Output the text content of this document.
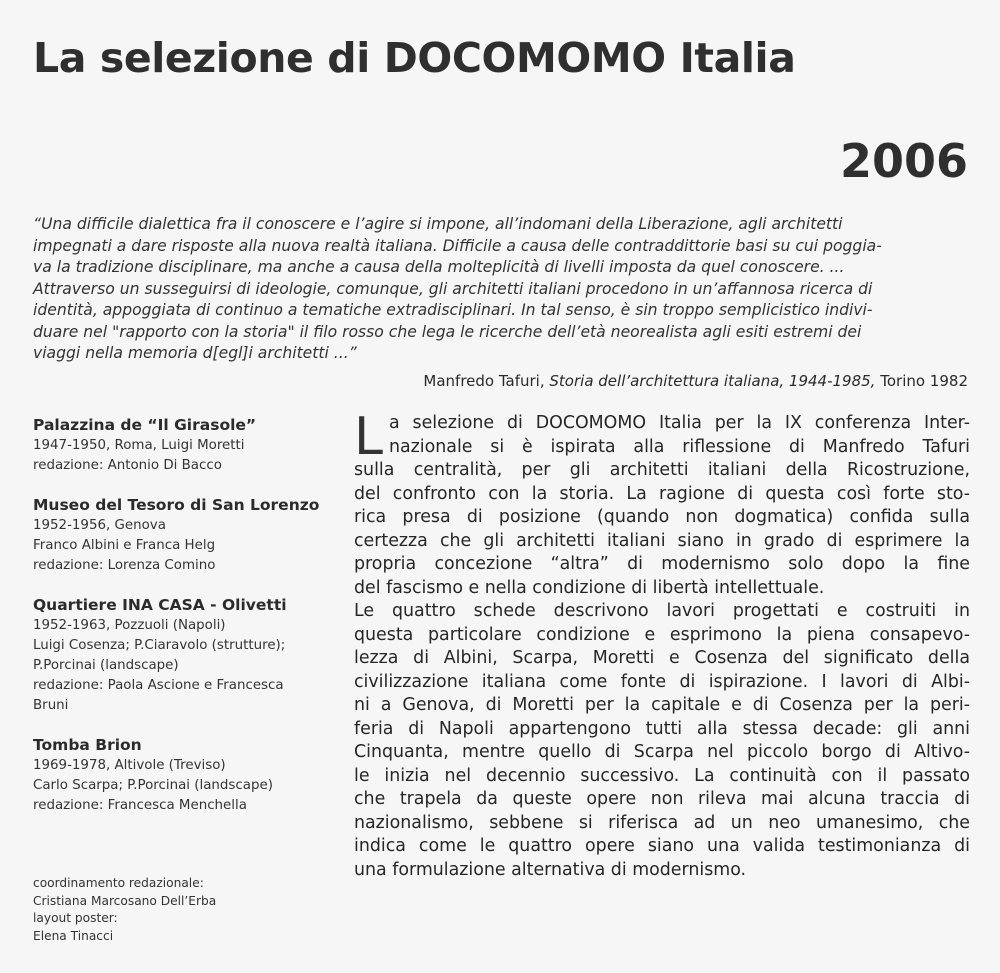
La selezione di DOCOMOMO Italia
2006
“Una difficile dialettica fra il conoscere e l’agire si impone, all’indomani della Liberazione, agli architetti
impegnati a dare risposte alla nuova realtà italiana. Difficile a causa delle contraddittorie basi su cui poggia-
va la tradizione disciplinare, ma anche a causa della molteplicità di livelli imposta da quel conoscere. ...
Attraverso un susseguirsi di ideologie, comunque, gli architetti italiani procedono in un’affannosa ricerca di
identità, appoggiata di continuo a tematiche extradisciplinari. In tal senso, è sin troppo semplicistico indivi-
duare nel "rapporto con la storia" il filo rosso che lega le ricerche dell’età neorealista agli esiti estremi dei
viaggi nella memoria d[egl]i architetti ...”
Manfredo Tafuri, Storia dell’architettura italiana, 1944-1985, Torino 1982
Palazzina de “Il Girasole”
1947-1950, Roma, Luigi Moretti
redazione: Antonio Di Bacco
Museo del Tesoro di San Lorenzo
1952-1956, Genova
Franco Albini e Franca Helg
redazione: Lorenza Comino
Quartiere INA CASA - Olivetti
1952-1963, Pozzuoli (Napoli)
Luigi Cosenza; P.Ciaravolo (strutture);
P.Porcinai (landscape)
redazione: Paola Ascione e Francesca
Bruni
Tomba Brion
1969-1978, Altivole (Treviso)
Carlo Scarpa; P.Porcinai (landscape)
redazione: Francesca Menchella
coordinamento redazionale:
Cristiana Marcosano Dell’Erba
layout poster:
Elena Tinacci
L a selezione di DOCOMOMO Italia per la IX conferenza Inter-
nazionale si è ispirata alla riflessione di Manfredo Tafuri
sulla centralità, per gli architetti italiani della Ricostruzione,
del confronto con la storia. La ragione di questa così forte sto-
rica presa di posizione (quando non dogmatica) confida sulla
certezza che gli architetti italiani siano in grado di esprimere la
propria concezione “altra” di modernismo solo dopo la fine
del fascismo e nella condizione di libertà intellettuale.
Le quattro schede descrivono lavori progettati e costruiti in
questa particolare condizione e esprimono la piena consapevo-
lezza di Albini, Scarpa, Moretti e Cosenza del significato della
civilizzazione italiana come fonte di ispirazione. I lavori di Albi-
ni a Genova, di Moretti per la capitale e di Cosenza per la peri-
feria di Napoli appartengono tutti alla stessa decade: gli anni
Cinquanta, mentre quello di Scarpa nel piccolo borgo di Altivo-
le inizia nel decennio successivo. La continuità con il passato
che trapela da queste opere non rileva mai alcuna traccia di
nazionalismo, sebbene si riferisca ad un neo umanesimo, che
indica come le quattro opere siano una valida testimonianza di
una formulazione alternativa di modernismo.
